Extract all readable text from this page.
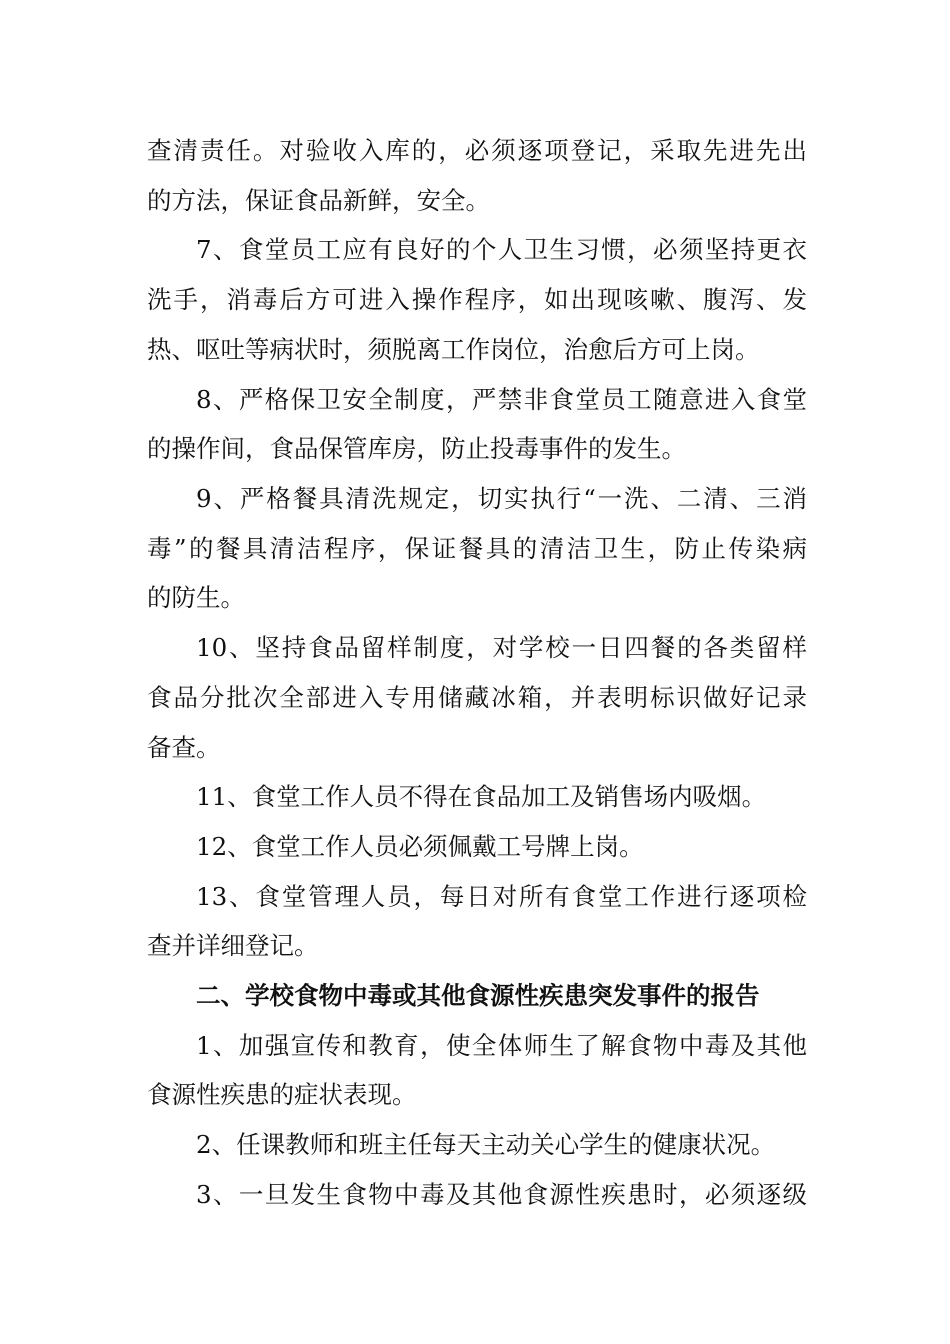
查清责任。对验收入库的，必须逐项登记，采取先进先出
的方法，保证食品新鲜，安全。
7、食堂员工应有良好的个人卫生习惯，必须坚持更衣
洗手，消毒后方可进入操作程序，如出现咳嗽、腹泻、发
热、呕吐等病状时，须脱离工作岗位，治愈后方可上岗。
8、严格保卫安全制度，严禁非食堂员工随意进入食堂
的操作间，食品保管库房，防止投毒事件的发生。
9、严格餐具清洗规定，切实执行“一洗、二清、三消
毒”的餐具清洁程序，保证餐具的清洁卫生，防止传染病
的防生。
10、坚持食品留样制度，对学校一日四餐的各类留样
食品分批次全部进入专用储藏冰箱，并表明标识做好记录
备查。
11、食堂工作人员不得在食品加工及销售场内吸烟。
12、食堂工作人员必须佩戴工号牌上岗。
13、食堂管理人员，每日对所有食堂工作进行逐项检
查并详细登记。
二、学校食物中毒或其他食源性疾患突发事件的报告
1、加强宣传和教育，使全体师生了解食物中毒及其他
食源性疾患的症状表现。
2、任课教师和班主任每天主动关心学生的健康状况。
3、一旦发生食物中毒及其他食源性疾患时，必须逐级
